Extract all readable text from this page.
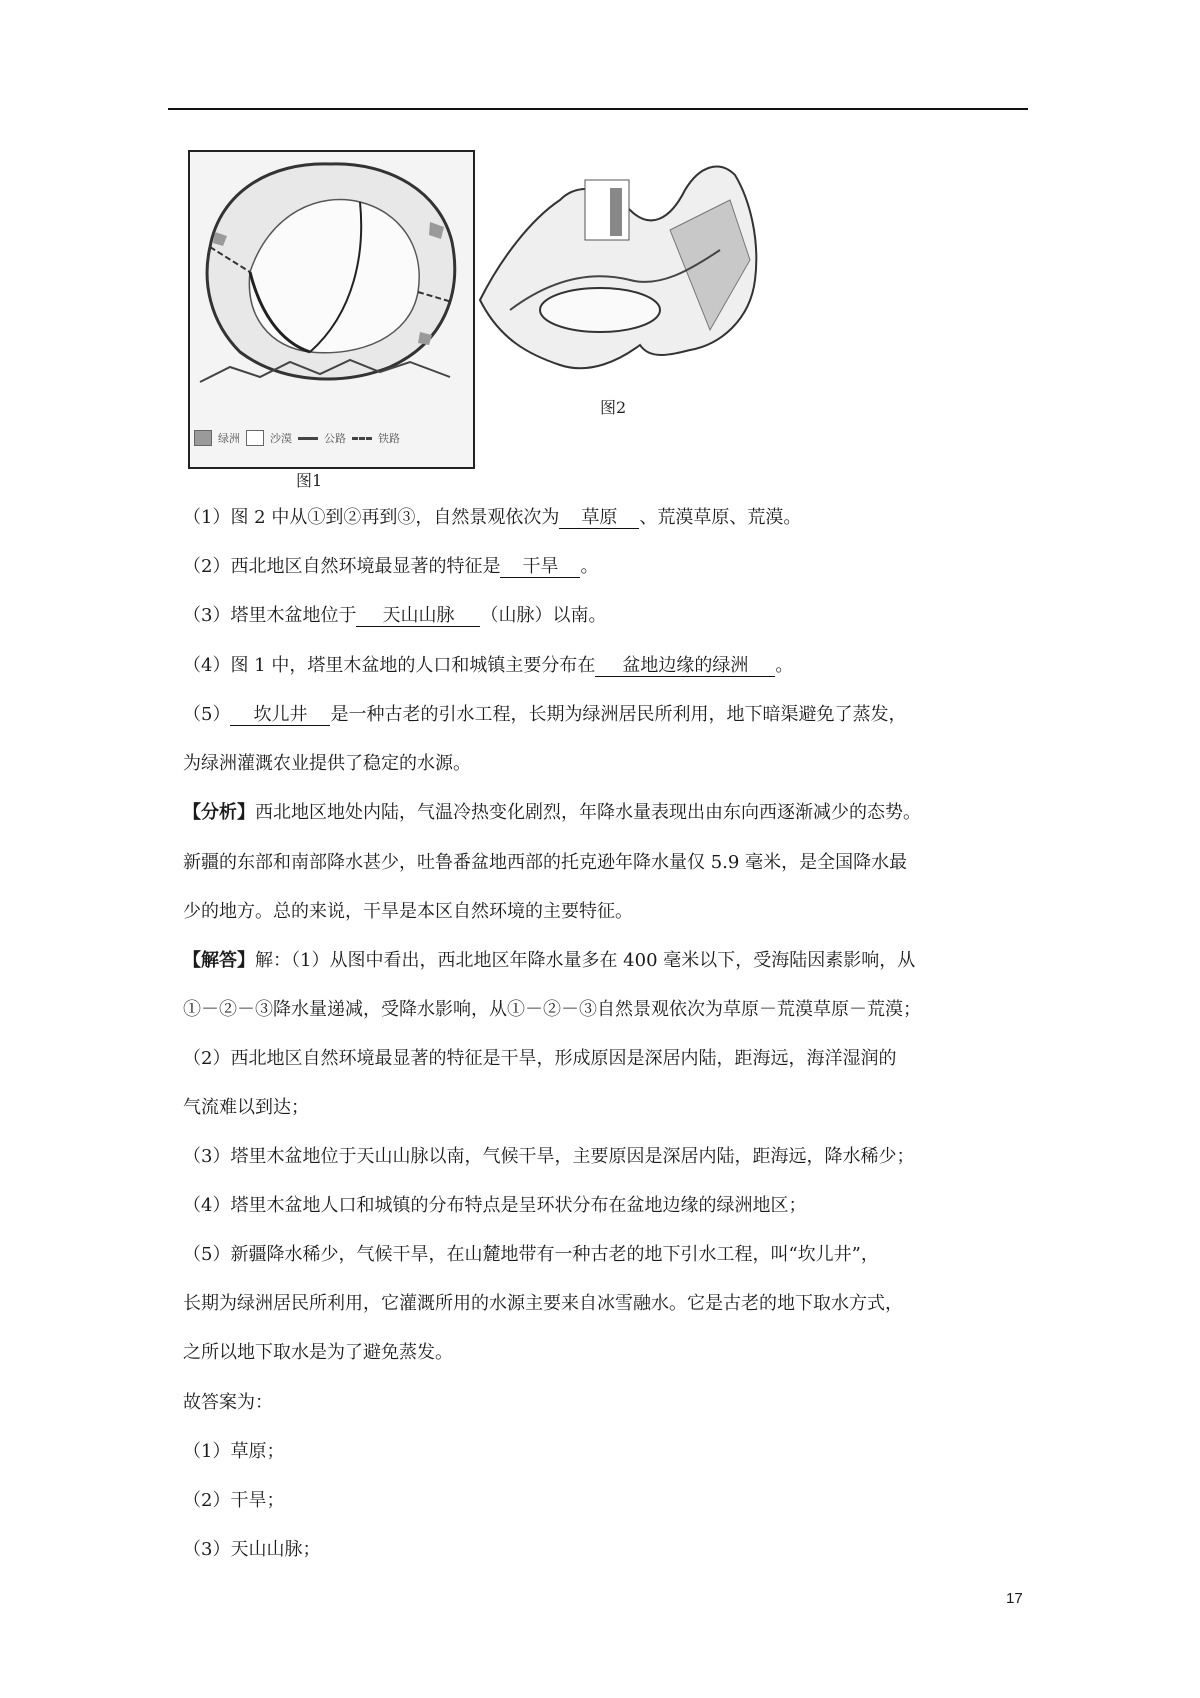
绿洲	沙漠	公路	铁路
图1
图2
（1）图 2 中从①到②再到③，自然景观依次为 草原 、荒漠草原、荒漠。
（2）西北地区自然环境最显著的特征是 干旱 。
（3）塔里木盆地位于 天山山脉 （山脉）以南。
（4）图 1 中，塔里木盆地的人口和城镇主要分布在 盆地边缘的绿洲 。
（5） 坎儿井 是一种古老的引水工程，长期为绿洲居民所利用，地下暗渠避免了蒸发，
为绿洲灌溉农业提供了稳定的水源。
【分析】西北地区地处内陆，气温冷热变化剧烈，年降水量表现出由东向西逐渐减少的态势。
新疆的东部和南部降水甚少，吐鲁番盆地西部的托克逊年降水量仅 5.9 毫米，是全国降水最
少的地方。总的来说，干旱是本区自然环境的主要特征。
【解答】解：（1）从图中看出，西北地区年降水量多在 400 毫米以下，受海陆因素影响，从
①－②－③降水量递减，受降水影响，从①－②－③自然景观依次为草原－荒漠草原－荒漠；
（2）西北地区自然环境最显著的特征是干旱，形成原因是深居内陆，距海远，海洋湿润的
气流难以到达；
（3）塔里木盆地位于天山山脉以南，气候干旱，主要原因是深居内陆，距海远，降水稀少；
（4）塔里木盆地人口和城镇的分布特点是呈环状分布在盆地边缘的绿洲地区；
（5）新疆降水稀少，气候干旱，在山麓地带有一种古老的地下引水工程，叫“坎儿井”，
长期为绿洲居民所利用，它灌溉所用的水源主要来自冰雪融水。它是古老的地下取水方式，
之所以地下取水是为了避免蒸发。
故答案为：
（1）草原；
（2）干旱；
（3）天山山脉；
17
